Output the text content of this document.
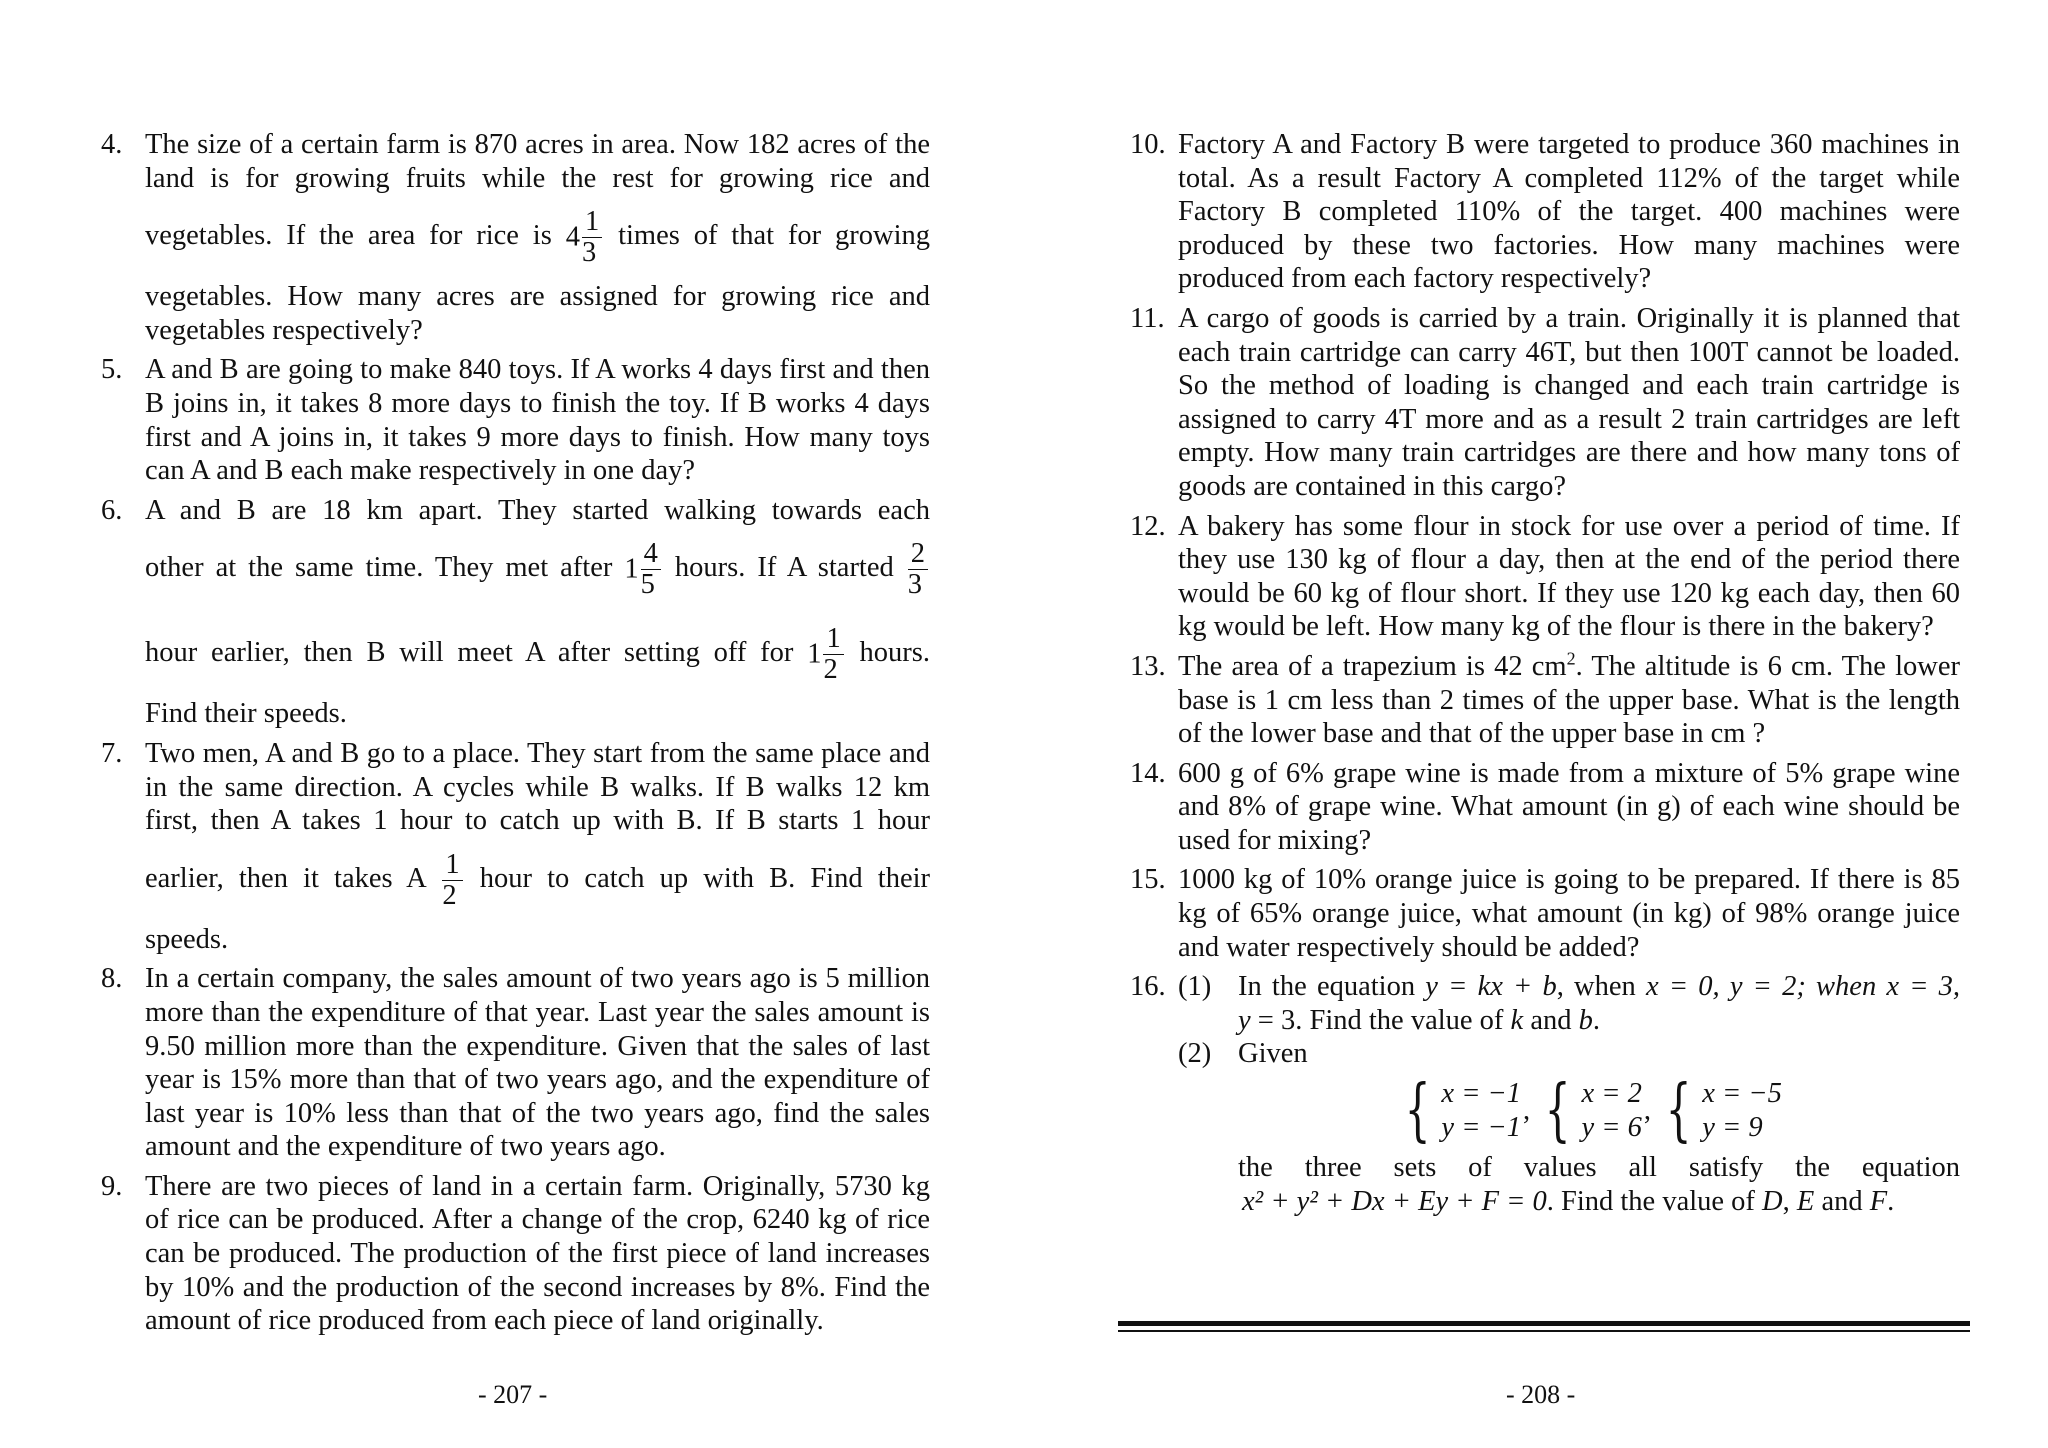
4. The size of a certain farm is 870 acres in area. Now 182 acres of the land is for growing fruits while the rest for growing rice and
vegetables. If the area for rice is $4 \frac{1}{3}$ times of that for growing
vegetables. How many acres are assigned for growing rice and vegetables respectively?
5. A and B are going to make 840 toys. If A works 4 days first and then B joins in, it takes 8 more days to finish the toy. If B works 4 days first and A joins in, it takes 9 more days to finish. How many toys can A and B each make respectively in one day?
6. A and B are 18 km apart. They started walking towards each
other at the same time. They met after $1 \frac{4}{5}$ hours. If A started $\frac{2}{3}$
hour earlier, then B will meet A after setting off for $1 \frac{1}{2}$ hours.
Find their speeds.
7. Two men, A and B go to a place. They start from the same place and in the same direction. A cycles while B walks. If B walks 12 km first, then A takes 1 hour to catch up with B. If B starts 1 hour
earlier, then it takes A $\frac{1}{2}$ hour to catch up with B. Find their
speeds.
8. In a certain company, the sales amount of two years ago is 5 million more than the expenditure of that year. Last year the sales amount is 9.50 million more than the expenditure. Given that the sales of last year is 15% more than that of two years ago, and the expenditure of last year is 10% less than that of the two years ago, find the sales amount and the expenditure of two years ago.
9. There are two pieces of land in a certain farm. Originally, 5730 kg of rice can be produced. After a change of the crop, 6240 kg of rice can be produced. The production of the first piece of land increases by 10% and the production of the second increases by 8%. Find the amount of rice produced from each piece of land originally.
10. Factory A and Factory B were targeted to produce 360 machines in total. As a result Factory A completed 112% of the target while Factory B completed 110% of the target. 400 machines were produced by these two factories. How many machines were produced from each factory respectively?
11. A cargo of goods is carried by a train. Originally it is planned that each train cartridge can carry 46T, but then 100T cannot be loaded. So the method of loading is changed and each train cartridge is assigned to carry 4T more and as a result 2 train cartridges are left empty. How many train cartridges are there and how many tons of goods are contained in this cargo?
12. A bakery has some flour in stock for use over a period of time. If they use 130 kg of flour a day, then at the end of the period there would be 60 kg of flour short. If they use 120 kg each day, then 60 kg would be left. How many kg of the flour is there in the bakery?
13. The area of a trapezium is 42 $cm^2$. The altitude is 6 cm. The lower base is 1 cm less than 2 times of the upper base. What is the length of the lower base and that of the upper base in cm ?
14. 600 g of 6% grape wine is made from a mixture of 5% grape wine and 8% of grape wine. What amount (in g) of each wine should be used for mixing?
15. 1000 kg of 10% orange juice is going to be prepared. If there is 85 kg of 65% orange juice, what amount (in kg) of 98% orange juice and water respectively should be added?
16. (1) In the equation y = kx + b, when x = 0, y = 2; when x = 3,
y = 3. Find the value of k and b.
(2) Given
{ x = −1
y = −1
, { x = 2
y = 6
, { x = −5
y = 9
the three sets of values all satisfy the equation
x² + y² + Dx + Ey + F = 0. Find the value of D, E and F.
- 207 -	- 208 -
